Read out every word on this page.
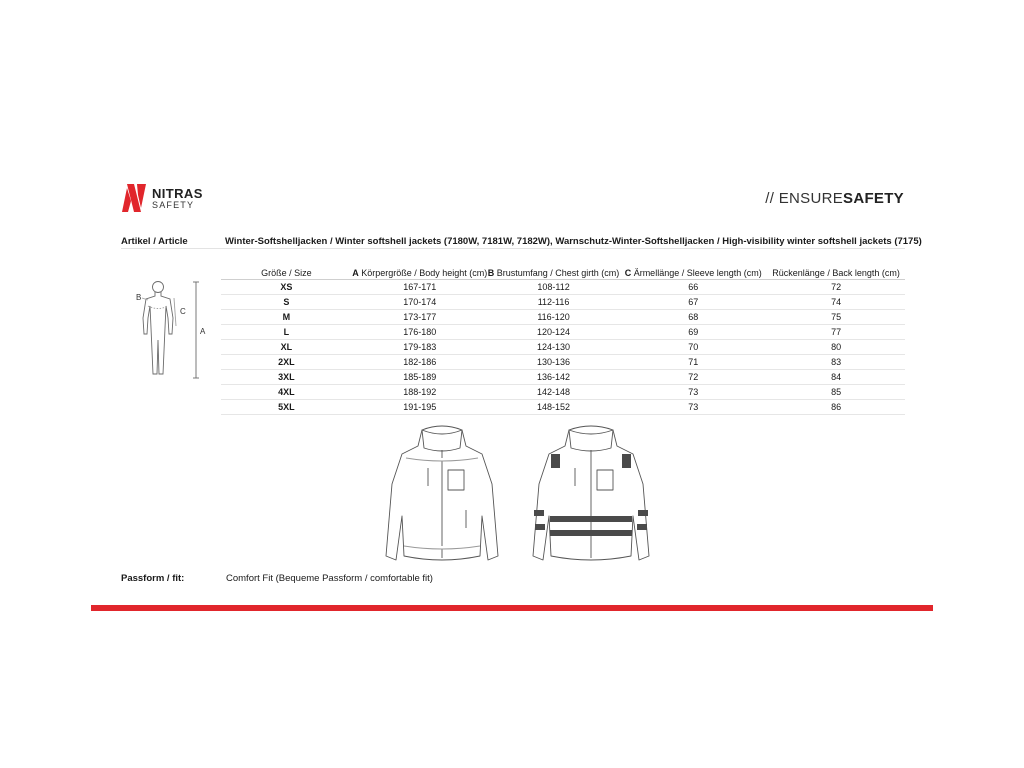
NITRAS
SAFETY	// ENSURESAFETY
Artikel / Article	Winter-Softshelljacken / Winter softshell jackets (7180W, 7181W, 7182W), Warnschutz-Winter-Softshelljacken / High-visibility winter softshell jackets (7175)
B
C
A
Größe / Size	A Körpergröße / Body height (cm)	B Brustumfang / Chest girth (cm)	C Ärmellänge / Sleeve length (cm)	Rückenlänge / Back length (cm)
XS	167-171	108-112	66	72
S	170-174	112-116	67	74
M	173-177	116-120	68	75
L	176-180	120-124	69	77
XL	179-183	124-130	70	80
2XL	182-186	130-136	71	83
3XL	185-189	136-142	72	84
4XL	188-192	142-148	73	85
5XL	191-195	148-152	73	86
Passform / fit:	Comfort Fit (Bequeme Passform / comfortable fit)
